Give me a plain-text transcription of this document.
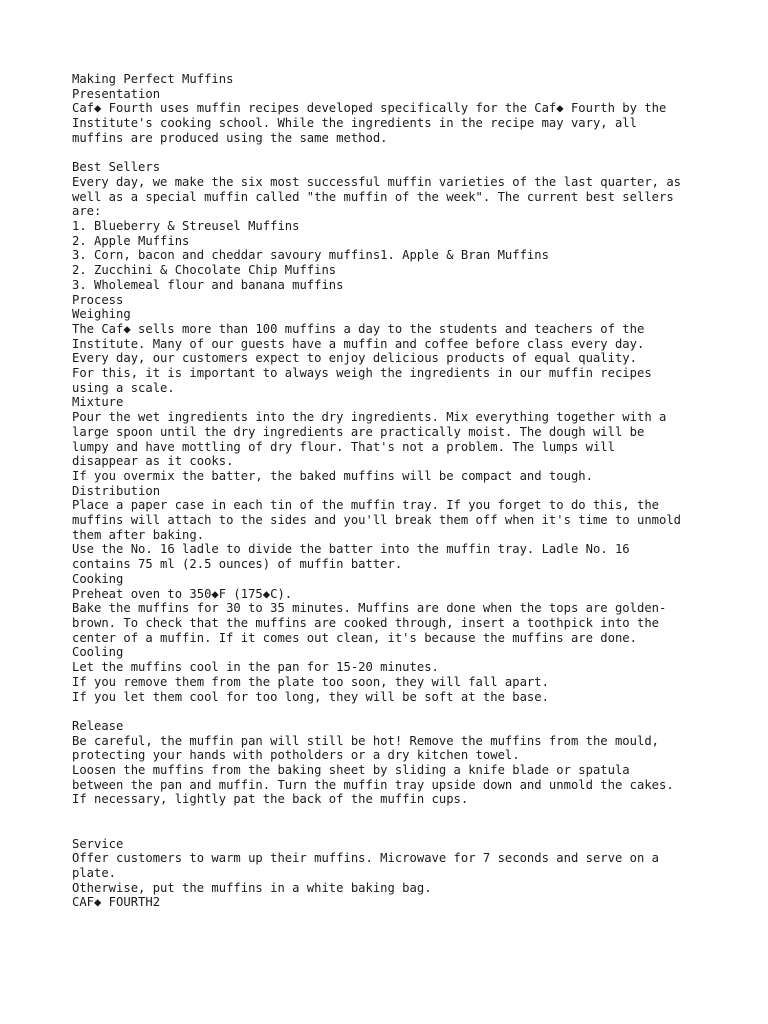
Making Perfect Muffins
Presentation
Caf◆ Fourth uses muffin recipes developed specifically for the Caf◆ Fourth by the
Institute's cooking school. While the ingredients in the recipe may vary, all
muffins are produced using the same method.
Best Sellers
Every day, we make the six most successful muffin varieties of the last quarter, as
well as a special muffin called "the muffin of the week". The current best sellers
are:
1. Blueberry & Streusel Muffins
2. Apple Muffins
3. Corn, bacon and cheddar savoury muffins1. Apple & Bran Muffins
2. Zucchini & Chocolate Chip Muffins
3. Wholemeal flour and banana muffins
Process
Weighing
The Caf◆ sells more than 100 muffins a day to the students and teachers of the
Institute. Many of our guests have a muffin and coffee before class every day.
Every day, our customers expect to enjoy delicious products of equal quality.
For this, it is important to always weigh the ingredients in our muffin recipes
using a scale.
Mixture
Pour the wet ingredients into the dry ingredients. Mix everything together with a
large spoon until the dry ingredients are practically moist. The dough will be
lumpy and have mottling of dry flour. That's not a problem. The lumps will
disappear as it cooks.
If you overmix the batter, the baked muffins will be compact and tough.
Distribution
Place a paper case in each tin of the muffin tray. If you forget to do this, the
muffins will attach to the sides and you'll break them off when it's time to unmold
them after baking.
Use the No. 16 ladle to divide the batter into the muffin tray. Ladle No. 16
contains 75 ml (2.5 ounces) of muffin batter.
Cooking
Preheat oven to 350◆F (175◆C).
Bake the muffins for 30 to 35 minutes. Muffins are done when the tops are golden-
brown. To check that the muffins are cooked through, insert a toothpick into the
center of a muffin. If it comes out clean, it's because the muffins are done.
Cooling
Let the muffins cool in the pan for 15-20 minutes.
If you remove them from the plate too soon, they will fall apart.
If you let them cool for too long, they will be soft at the base.
Release
Be careful, the muffin pan will still be hot! Remove the muffins from the mould,
protecting your hands with potholders or a dry kitchen towel.
Loosen the muffins from the baking sheet by sliding a knife blade or spatula
between the pan and muffin. Turn the muffin tray upside down and unmold the cakes.
If necessary, lightly pat the back of the muffin cups.
Service
Offer customers to warm up their muffins. Microwave for 7 seconds and serve on a
plate.
Otherwise, put the muffins in a white baking bag.
CAF◆ FOURTH2
